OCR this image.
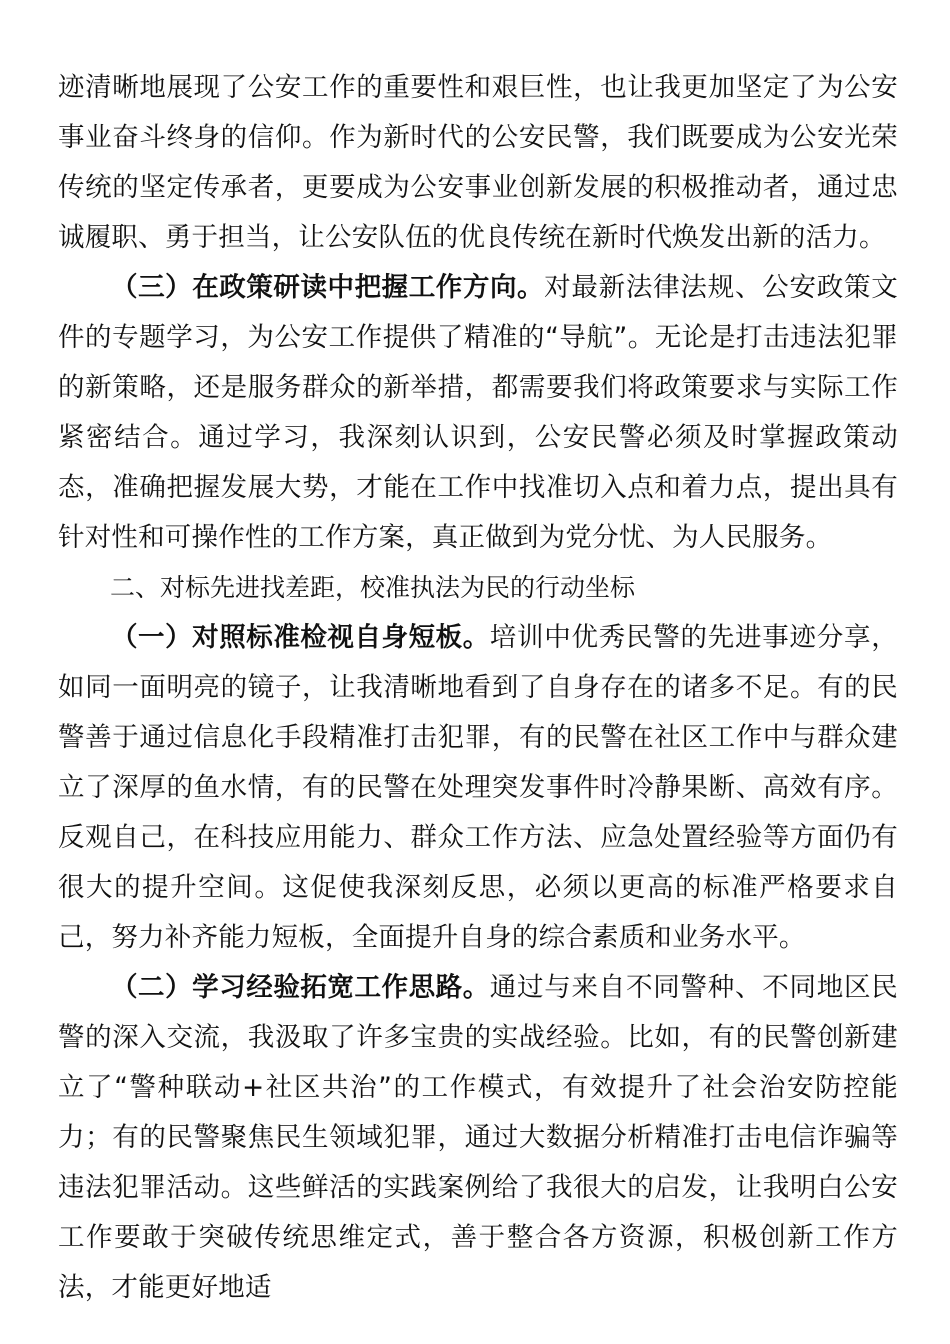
迹清晰地展现了公安工作的重要性和艰巨性，也让我更加坚定了为公安事业奋斗终身的信仰。作为新时代的公安民警，我们既要成为公安光荣传统的坚定传承者，更要成为公安事业创新发展的积极推动者，通过忠诚履职、勇于担当，让公安队伍的优良传统在新时代焕发出新的活力。

（三）在政策研读中把握工作方向。对最新法律法规、公安政策文件的专题学习，为公安工作提供了精准的“导航”。无论是打击违法犯罪的新策略，还是服务群众的新举措，都需要我们将政策要求与实际工作紧密结合。通过学习，我深刻认识到，公安民警必须及时掌握政策动态，准确把握发展大势，才能在工作中找准切入点和着力点，提出具有针对性和可操作性的工作方案，真正做到为党分忧、为人民服务。

二、对标先进找差距，校准执法为民的行动坐标

（一）对照标准检视自身短板。培训中优秀民警的先进事迹分享，如同一面明亮的镜子，让我清晰地看到了自身存在的诸多不足。有的民警善于通过信息化手段精准打击犯罪，有的民警在社区工作中与群众建立了深厚的鱼水情，有的民警在处理突发事件时冷静果断、高效有序。反观自己，在科技应用能力、群众工作方法、应急处置经验等方面仍有很大的提升空间。这促使我深刻反思，必须以更高的标准严格要求自己，努力补齐能力短板，全面提升自身的综合素质和业务水平。

（二）学习经验拓宽工作思路。通过与来自不同警种、不同地区民警的深入交流，我汲取了许多宝贵的实战经验。比如，有的民警创新建立了“警种联动+社区共治”的工作模式，有效提升了社会治安防控能力；有的民警聚焦民生领域犯罪，通过大数据分析精准打击电信诈骗等违法犯罪活动。这些鲜活的实践案例给了我很大的启发，让我明白公安工作要敢于突破传统思维定式，善于整合各方资源，积极创新工作方法，才能更好地适
